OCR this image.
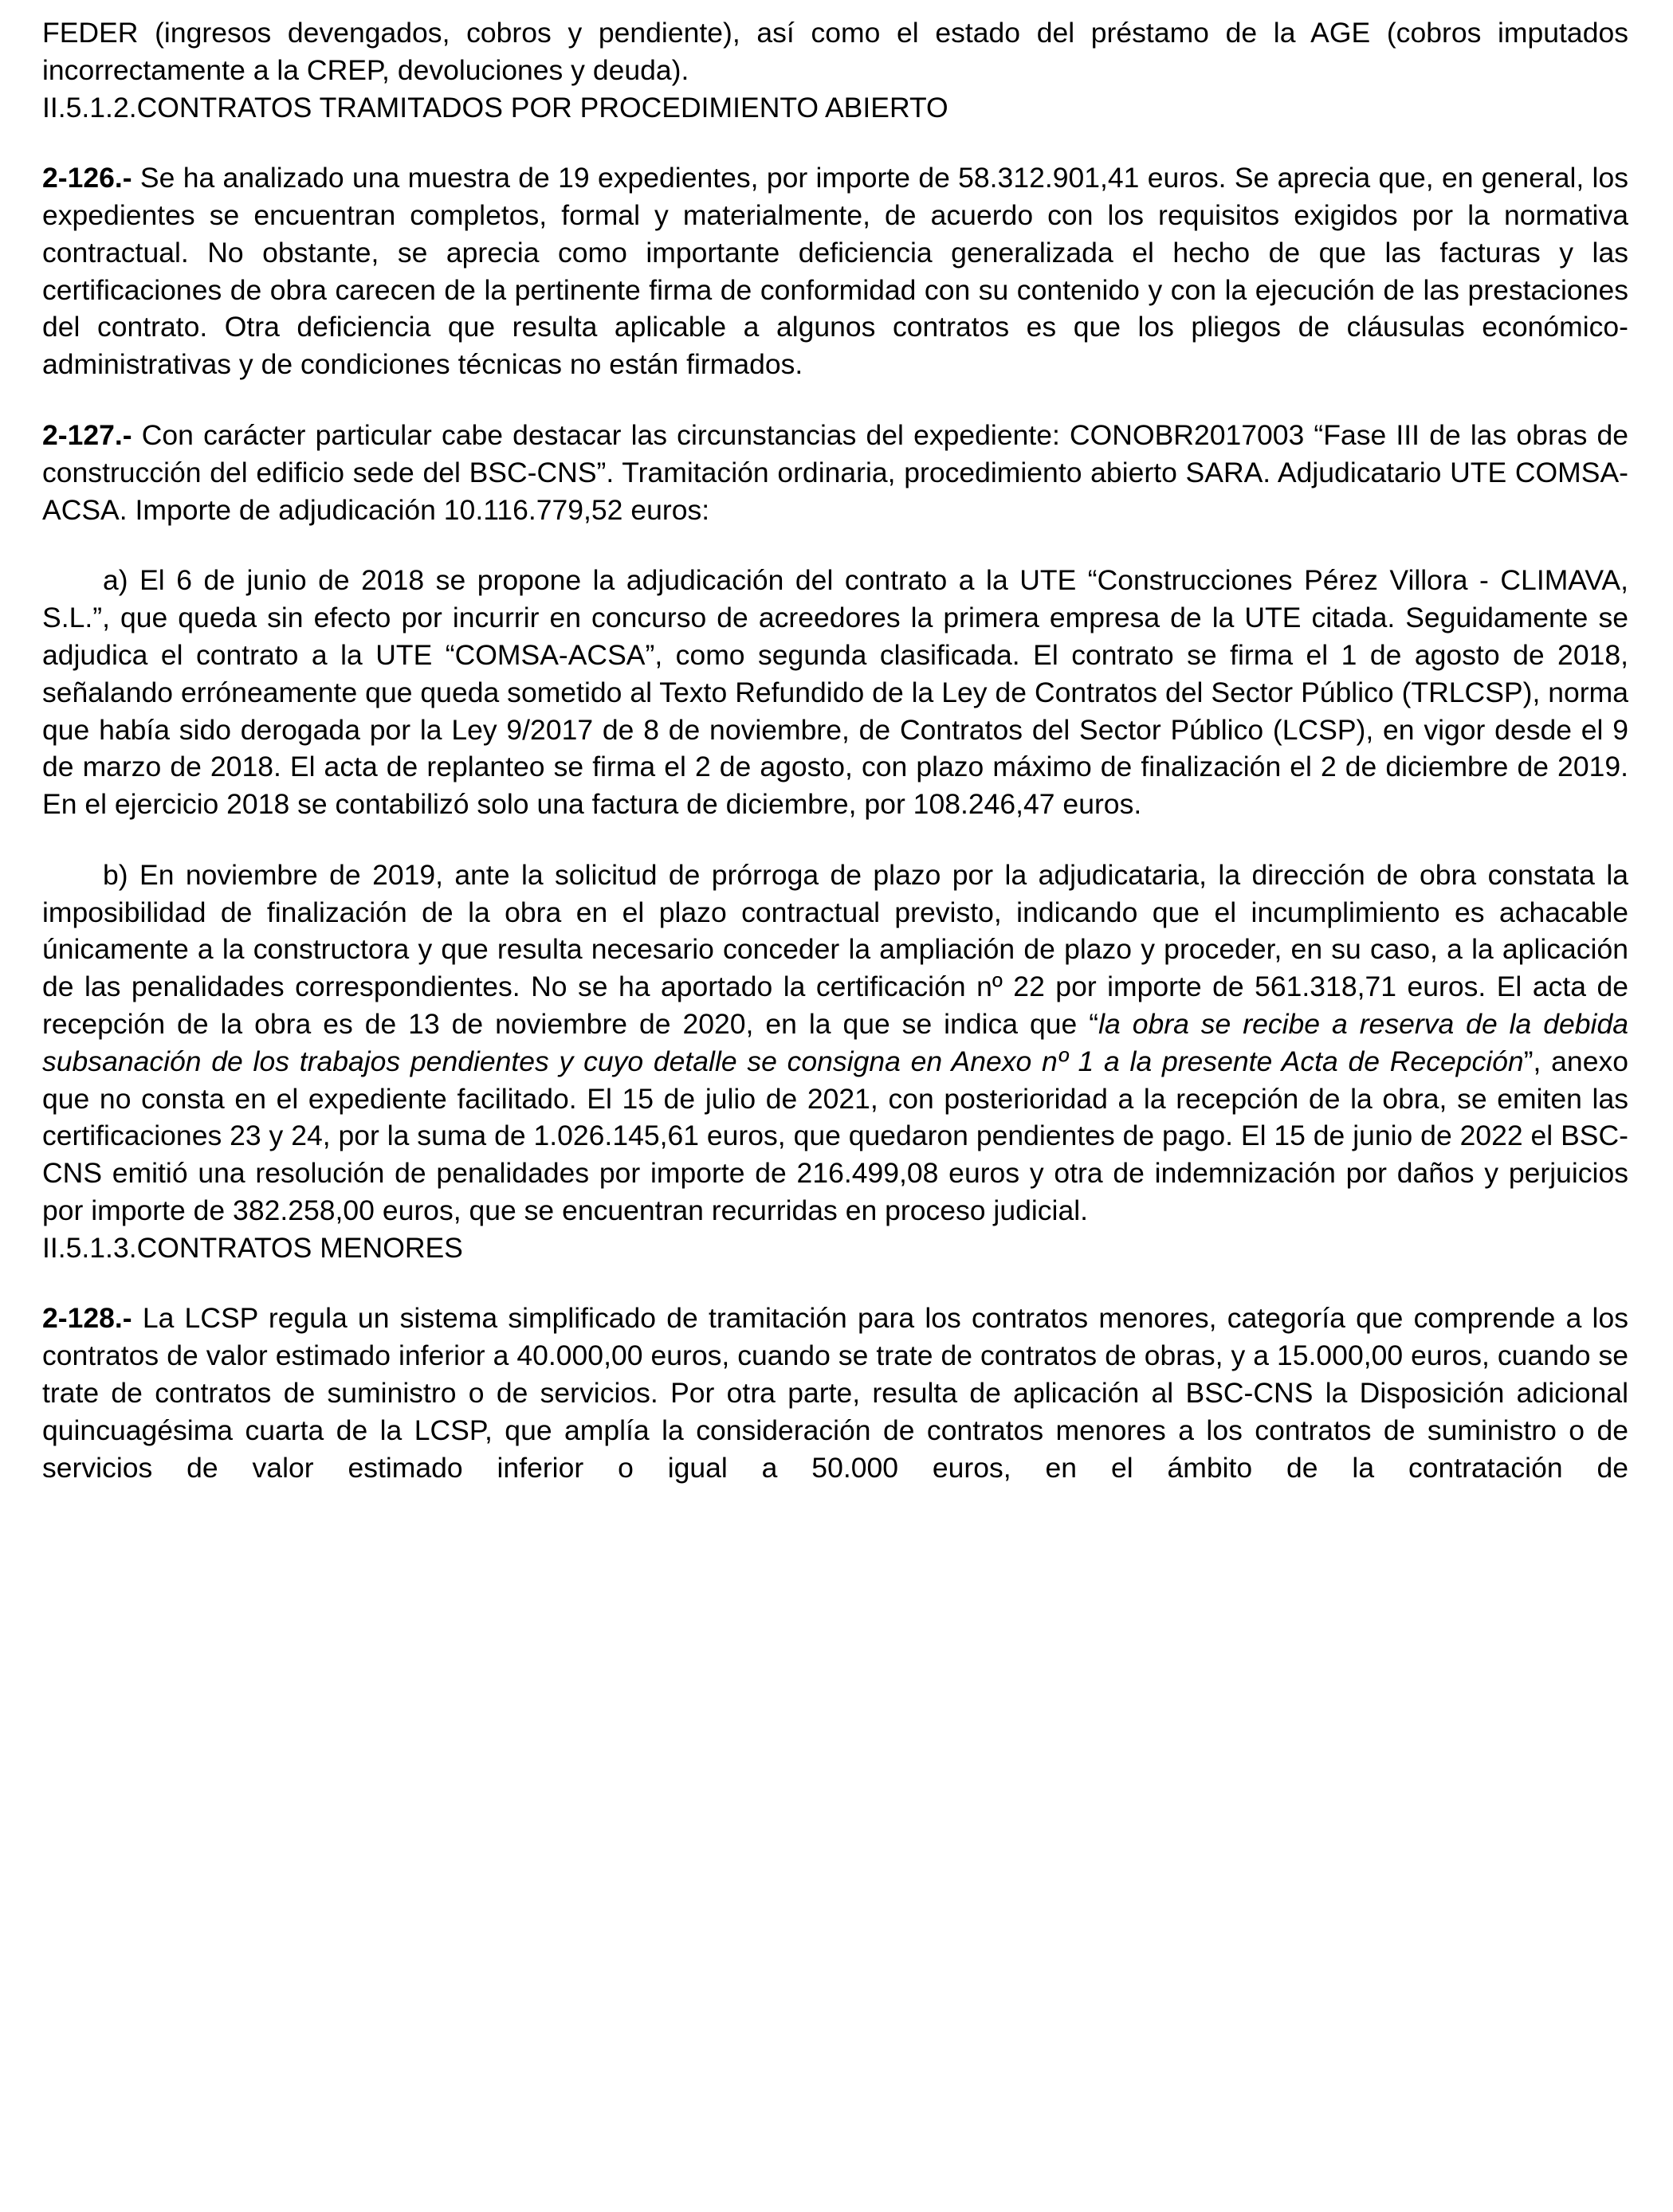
FEDER (ingresos devengados, cobros y pendiente), así como el estado del préstamo de la AGE (cobros imputados incorrectamente a la CREP, devoluciones y deuda).

II.5.1.2.CONTRATOS TRAMITADOS POR PROCEDIMIENTO ABIERTO

2-126.- Se ha analizado una muestra de 19 expedientes, por importe de 58.312.901,41 euros. Se aprecia que, en general, los expedientes se encuentran completos, formal y materialmente, de acuerdo con los requisitos exigidos por la normativa contractual. No obstante, se aprecia como importante deficiencia generalizada el hecho de que las facturas y las certificaciones de obra carecen de la pertinente firma de conformidad con su contenido y con la ejecución de las prestaciones del contrato. Otra deficiencia que resulta aplicable a algunos contratos es que los pliegos de cláusulas económico-administrativas y de condiciones técnicas no están firmados.

2-127.- Con carácter particular cabe destacar las circunstancias del expediente: CONOBR2017003 “Fase III de las obras de construcción del edificio sede del BSC-CNS”. Tramitación ordinaria, procedimiento abierto SARA. Adjudicatario UTE COMSA-ACSA. Importe de adjudicación 10.116.779,52 euros:

a) El 6 de junio de 2018 se propone la adjudicación del contrato a la UTE “Construcciones Pérez Villora - CLIMAVA, S.L.”, que queda sin efecto por incurrir en concurso de acreedores la primera empresa de la UTE citada. Seguidamente se adjudica el contrato a la UTE “COMSA-ACSA”, como segunda clasificada. El contrato se firma el 1 de agosto de 2018, señalando erróneamente que queda sometido al Texto Refundido de la Ley de Contratos del Sector Público (TRLCSP), norma que había sido derogada por la Ley 9/2017 de 8 de noviembre, de Contratos del Sector Público (LCSP), en vigor desde el 9 de marzo de 2018. El acta de replanteo se firma el 2 de agosto, con plazo máximo de finalización el 2 de diciembre de 2019. En el ejercicio 2018 se contabilizó solo una factura de diciembre, por 108.246,47 euros.

b) En noviembre de 2019, ante la solicitud de prórroga de plazo por la adjudicataria, la dirección de obra constata la imposibilidad de finalización de la obra en el plazo contractual previsto, indicando que el incumplimiento es achacable únicamente a la constructora y que resulta necesario conceder la ampliación de plazo y proceder, en su caso, a la aplicación de las penalidades correspondientes. No se ha aportado la certificación nº 22 por importe de 561.318,71 euros. El acta de recepción de la obra es de 13 de noviembre de 2020, en la que se indica que “la obra se recibe a reserva de la debida subsanación de los trabajos pendientes y cuyo detalle se consigna en Anexo nº 1 a la presente Acta de Recepción”, anexo que no consta en el expediente facilitado. El 15 de julio de 2021, con posterioridad a la recepción de la obra, se emiten las certificaciones 23 y 24, por la suma de 1.026.145,61 euros, que quedaron pendientes de pago. El 15 de junio de 2022 el BSC-CNS emitió una resolución de penalidades por importe de 216.499,08 euros y otra de indemnización por daños y perjuicios por importe de 382.258,00 euros, que se encuentran recurridas en proceso judicial.

II.5.1.3.CONTRATOS MENORES

2-128.- La LCSP regula un sistema simplificado de tramitación para los contratos menores, categoría que comprende a los contratos de valor estimado inferior a 40.000,00 euros, cuando se trate de contratos de obras, y a 15.000,00 euros, cuando se trate de contratos de suministro o de servicios. Por otra parte, resulta de aplicación al BSC-CNS la Disposición adicional quincuagésima cuarta de la LCSP, que amplía la consideración de contratos menores a los contratos de suministro o de servicios de valor estimado inferior o igual a 50.000 euros, en el ámbito de la contratación de
